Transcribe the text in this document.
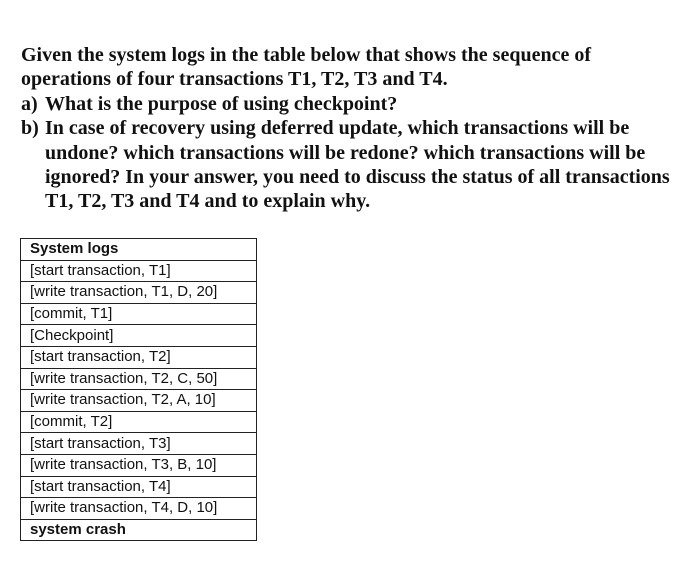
Given the system logs in the table below that shows the sequence of
operations of four transactions T1, T2, T3 and T4.
a) What is the purpose of using checkpoint?
b) In case of recovery using deferred update, which transactions will be undone? which transactions will be redone? which transactions will be ignored? In your answer, you need to discuss the status of all transactions T1, T2, T3 and T4 and to explain why.
System logs
[start transaction, T1]
[write transaction, T1, D, 20]
[commit, T1]
[Checkpoint]
[start transaction, T2]
[write transaction, T2, C, 50]
[write transaction, T2, A, 10]
[commit, T2]
[start transaction, T3]
[write transaction, T3, B, 10]
[start transaction, T4]
[write transaction, T4, D, 10]
system crash
